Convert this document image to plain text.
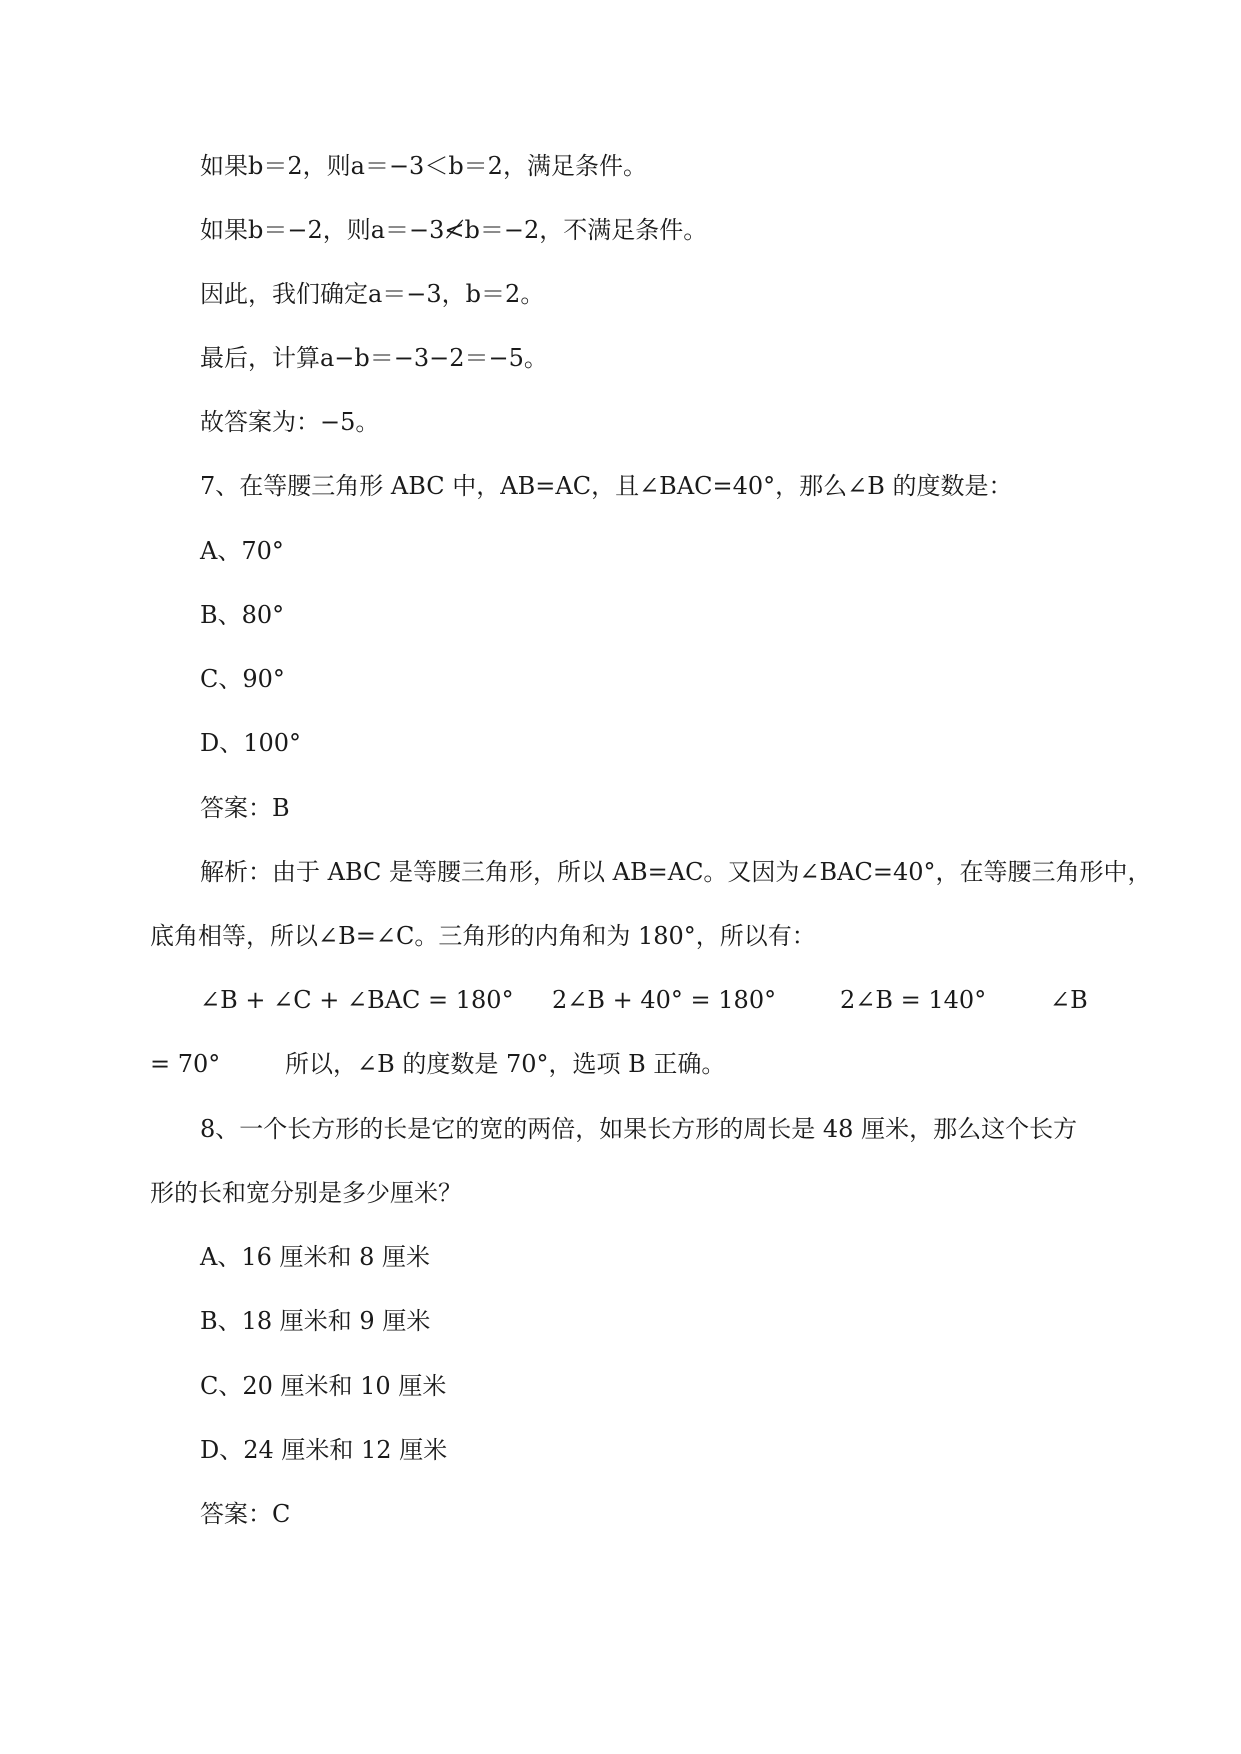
如果b＝2，则a＝−3＜b＝2，满足条件。
如果b＝−2，则a＝−3≮b＝−2，不满足条件。
因此，我们确定a＝−3，b＝2。
最后，计算a−b＝−3−2＝−5。
故答案为：−5。
7、在等腰三角形 ABC 中，AB=AC，且∠BAC=40°，那么∠B 的度数是：
A、70°
B、80°
C、90°
D、100°
答案：B
解析：由于 ABC 是等腰三角形，所以 AB=AC。又因为∠BAC=40°，在等腰三角形中，
底角相等，所以∠B=∠C。三角形的内角和为 180°，所以有：
∠B + ∠C + ∠BAC = 180° 2∠B + 40° = 180°	2∠B = 140°	∠B
= 70°	所以，∠B 的度数是 70°，选项 B 正确。
8、一个长方形的长是它的宽的两倍，如果长方形的周长是 48 厘米，那么这个长方
形的长和宽分别是多少厘米？
A、16 厘米和 8 厘米
B、18 厘米和 9 厘米
C、20 厘米和 10 厘米
D、24 厘米和 12 厘米
答案：C
